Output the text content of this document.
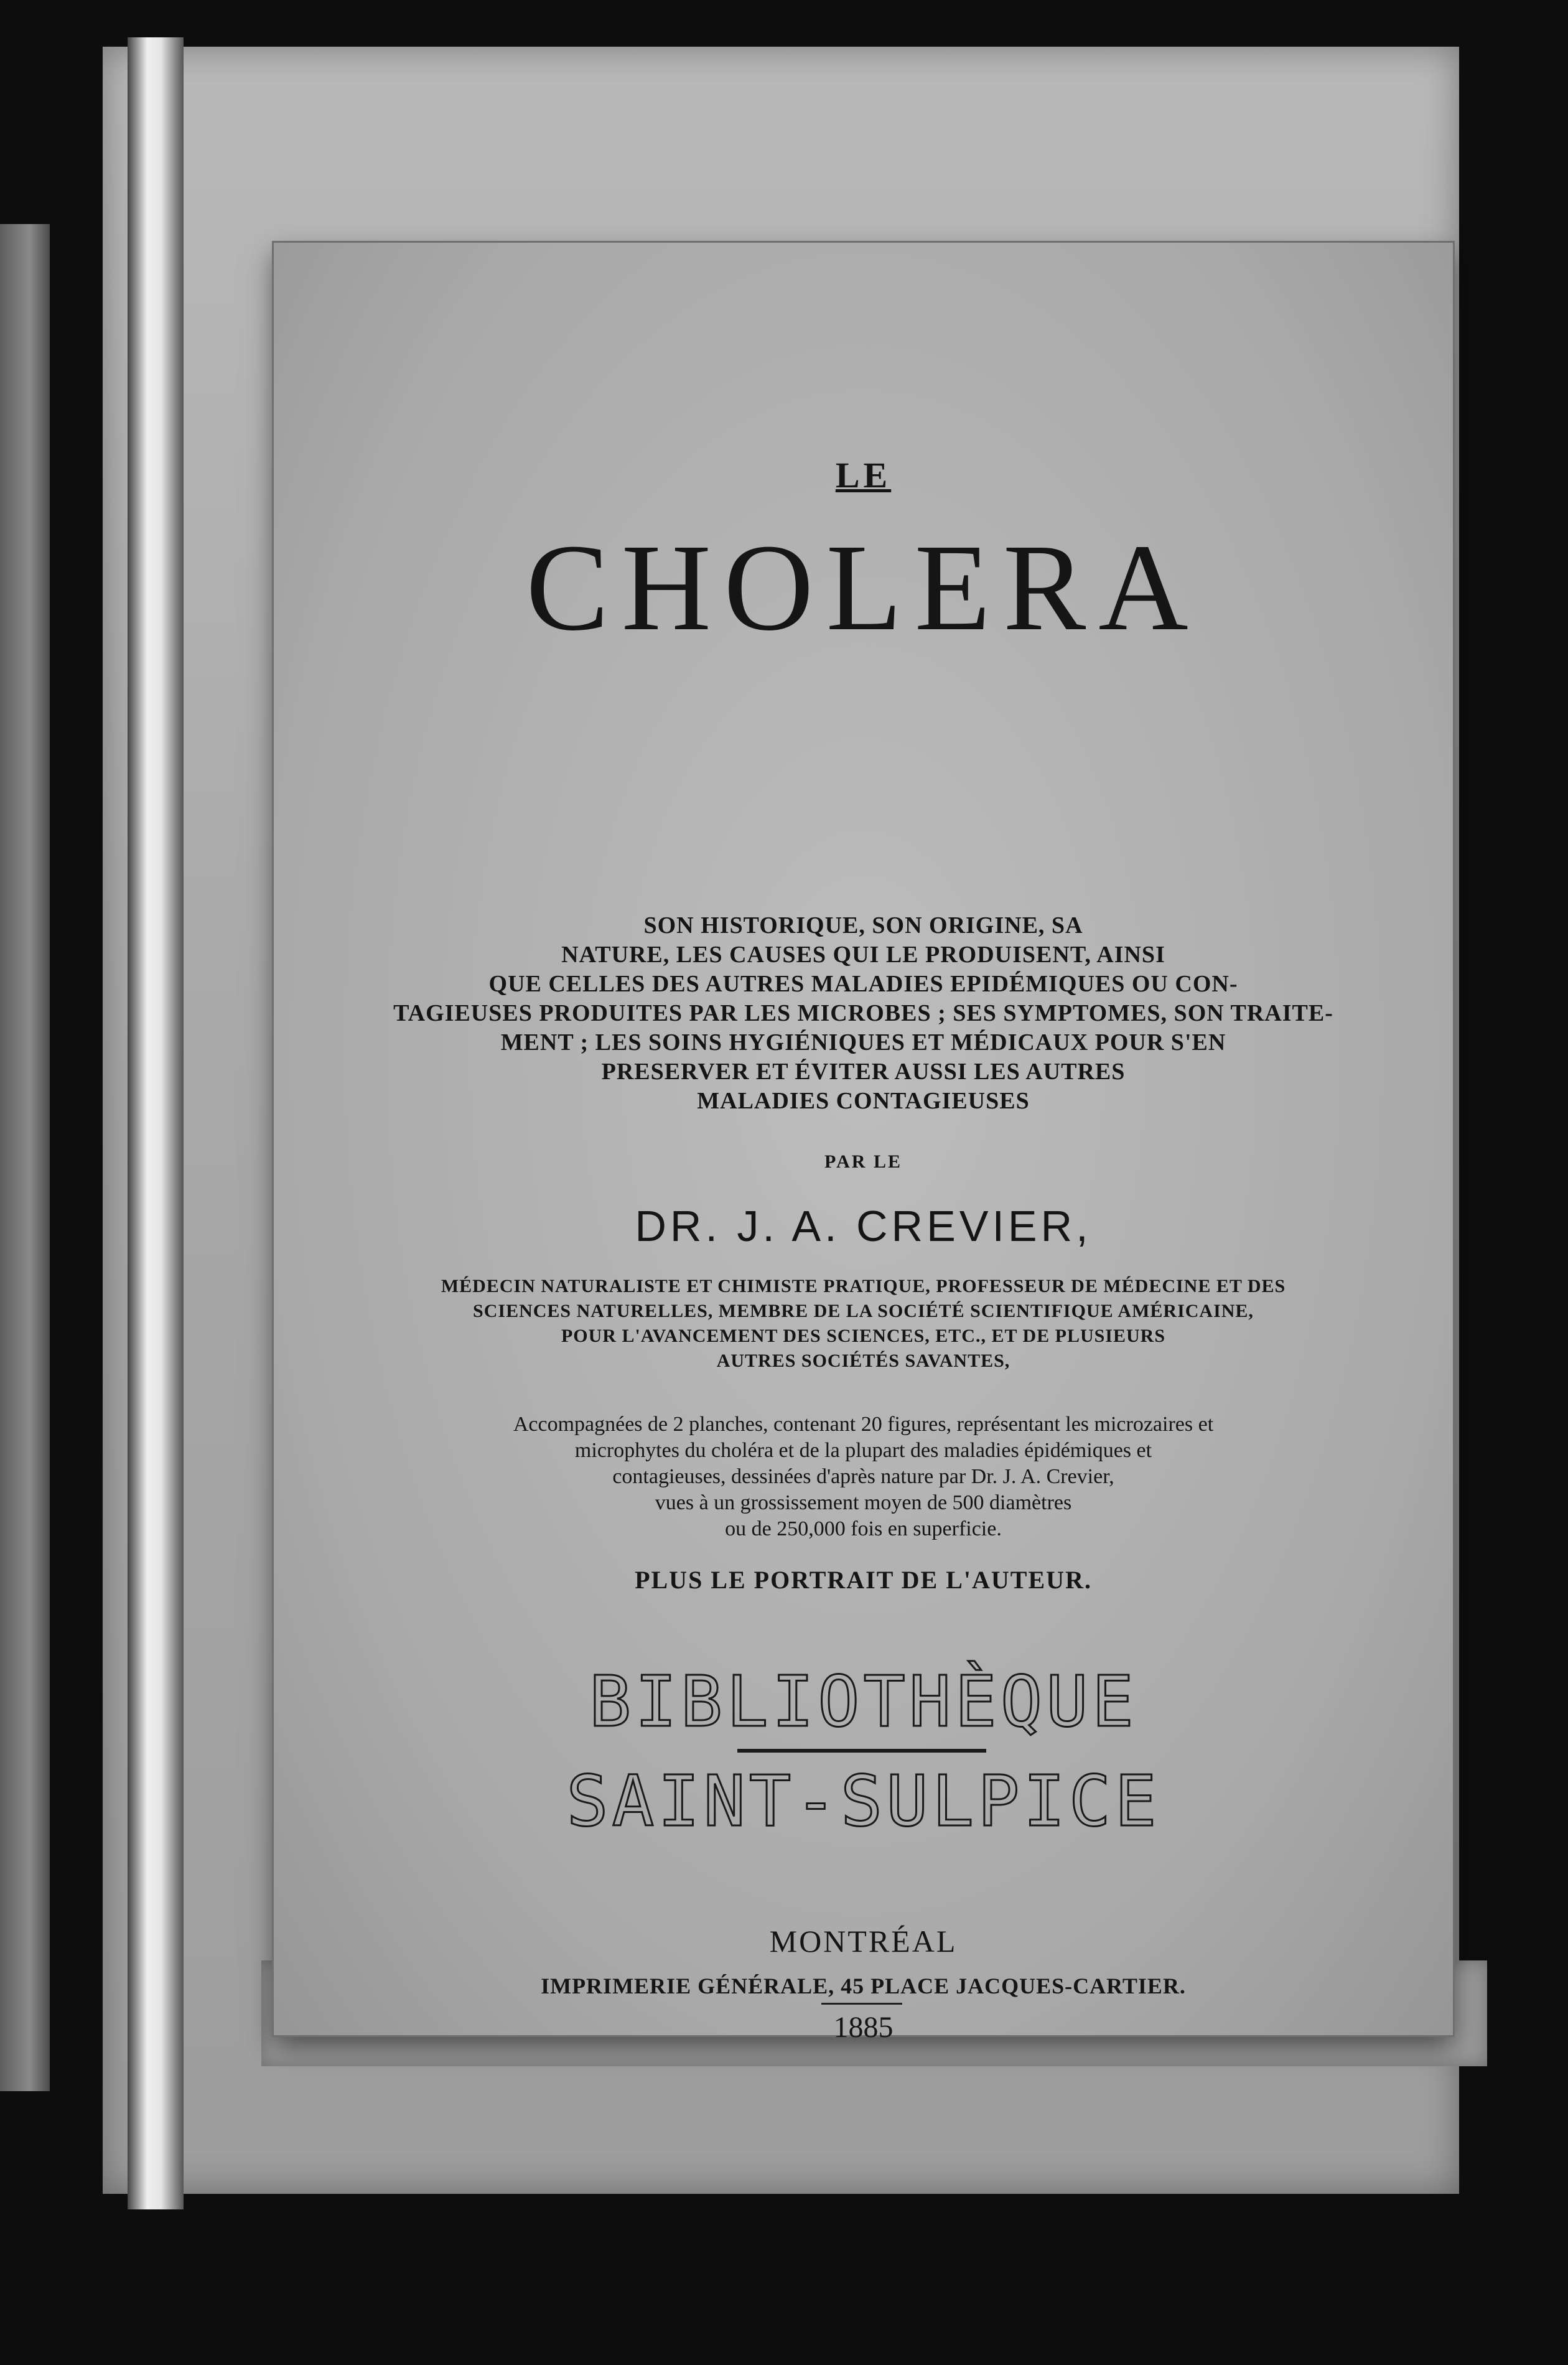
LE

CHOLERA

SON HISTORIQUE, SON ORIGINE, SA

NATURE, LES CAUSES QUI LE PRODUISENT, AINSI

QUE CELLES DES AUTRES MALADIES EPIDÉMIQUES OU CON-

TAGIEUSES PRODUITES PAR LES MICROBES ; SES SYMPTOMES, SON TRAITE-

MENT ; LES SOINS HYGIÉNIQUES ET MÉDICAUX POUR S'EN

PRESERVER ET ÉVITER AUSSI LES AUTRES

MALADIES CONTAGIEUSES

PAR LE

DR. J. A. CREVIER,

MÉDECIN NATURALISTE ET CHIMISTE PRATIQUE, PROFESSEUR DE MÉDECINE ET DES

SCIENCES NATURELLES, MEMBRE DE LA SOCIÉTÉ SCIENTIFIQUE AMÉRICAINE,

POUR L'AVANCEMENT DES SCIENCES, ETC., ET DE PLUSIEURS

AUTRES SOCIÉTÉS SAVANTES,

Accompagnées de 2 planches, contenant 20 figures, représentant les microzaires et

microphytes du choléra et de la plupart des maladies épidémiques et

contagieuses, dessinées d'après nature par Dr. J. A. Crevier,

vues à un grossissement moyen de 500 diamètres

ou de 250,000 fois en superficie.

PLUS LE PORTRAIT DE L'AUTEUR.

BIBLIOTHÈQUE

SAINT-SULPICE

MONTRÉAL

IMPRIMERIE GÉNÉRALE, 45 PLACE JACQUES-CARTIER.

1885
